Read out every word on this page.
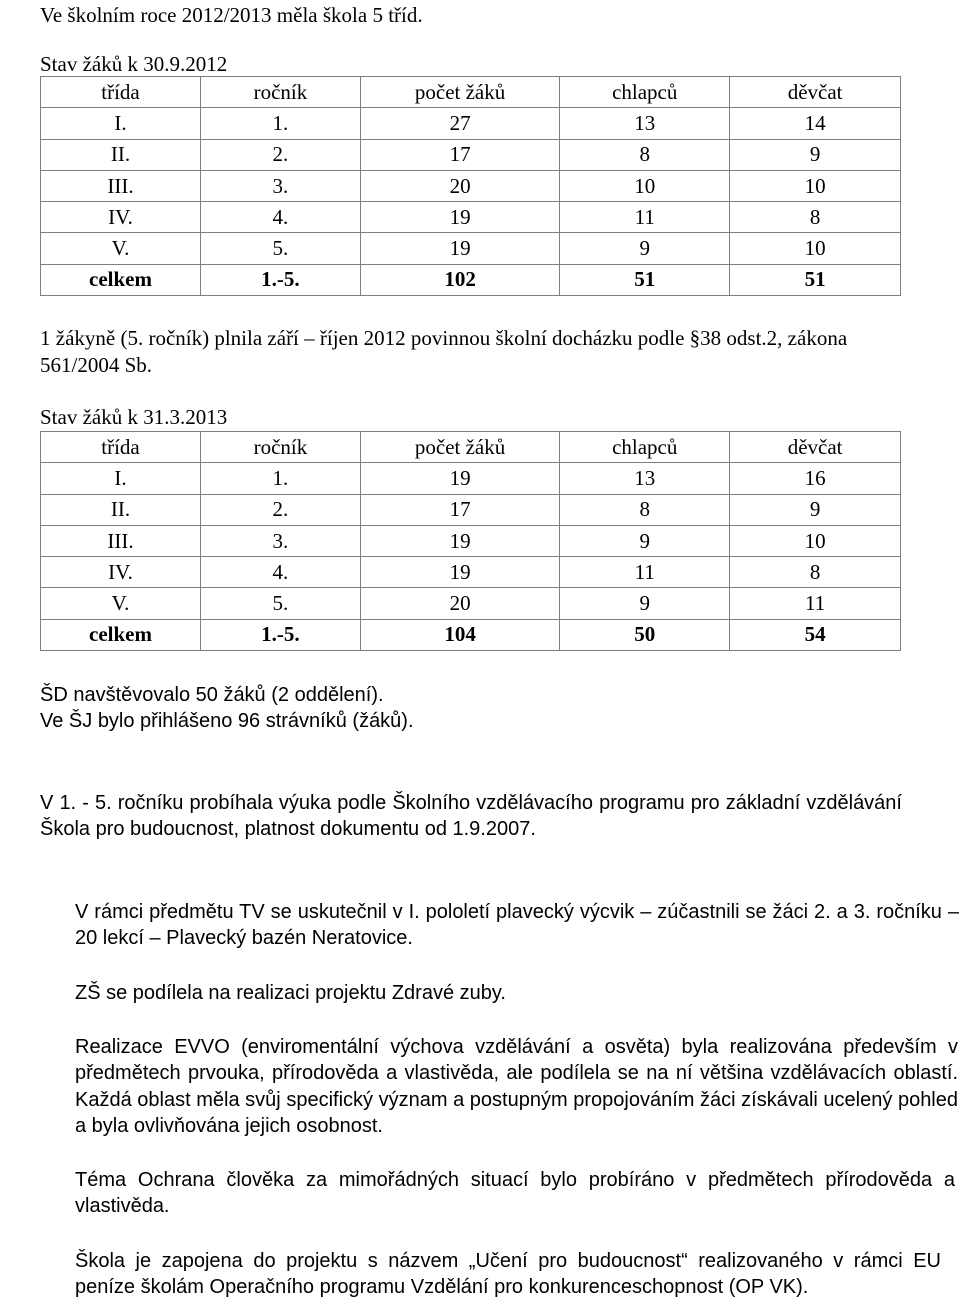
Ve školním roce 2012/2013 měla škola 5 tříd.
Stav žáků k 30.9.2012
třída	ročník	počet žáků	chlapců	děvčat
I.	1.	27	13	14
II.	2.	17	8	9
III.	3.	20	10	10
IV.	4.	19	11	8
V.	5.	19	9	10
celkem	1.-5.	102	51	51
1 žákyně (5. ročník) plnila září – říjen 2012 povinnou školní docházku podle §38 odst.2, zákona
561/2004 Sb.
Stav žáků k 31.3.2013
třída	ročník	počet žáků	chlapců	děvčat
I.	1.	19	13	16
II.	2.	17	8	9
III.	3.	19	9	10
IV.	4.	19	11	8
V.	5.	20	9	11
celkem	1.-5.	104	50	54
ŠD navštěvovalo 50 žáků (2 oddělení).
Ve ŠJ bylo přihlášeno 96 strávníků (žáků).
V 1. - 5. ročníku probíhala výuka podle Školního vzdělávacího programu pro základní vzdělávání Škola pro budoucnost, platnost dokumentu od 1.9.2007.
V rámci předmětu TV se uskutečnil v I. pololetí plavecký výcvik – zúčastnili se žáci 2. a 3. ročníku – 20 lekcí – Plavecký bazén Neratovice.
ZŠ se podílela na realizaci projektu Zdravé zuby.
Realizace EVVO (enviromentální výchova vzdělávání a osvěta) byla realizována především v předmětech prvouka, přírodověda a vlastivěda, ale podílela se na ní většina vzdělávacích oblastí. Každá oblast měla svůj specifický význam a postupným propojováním žáci získávali ucelený pohled a byla ovlivňována jejich osobnost.
Téma Ochrana člověka za mimořádných situací bylo probíráno v předmětech přírodověda a vlastivěda.
Škola je zapojena do projektu s názvem „Učení pro budoucnost“ realizovaného v rámci EU peníze školám Operačního programu Vzdělání pro konkurenceschopnost (OP VK).
